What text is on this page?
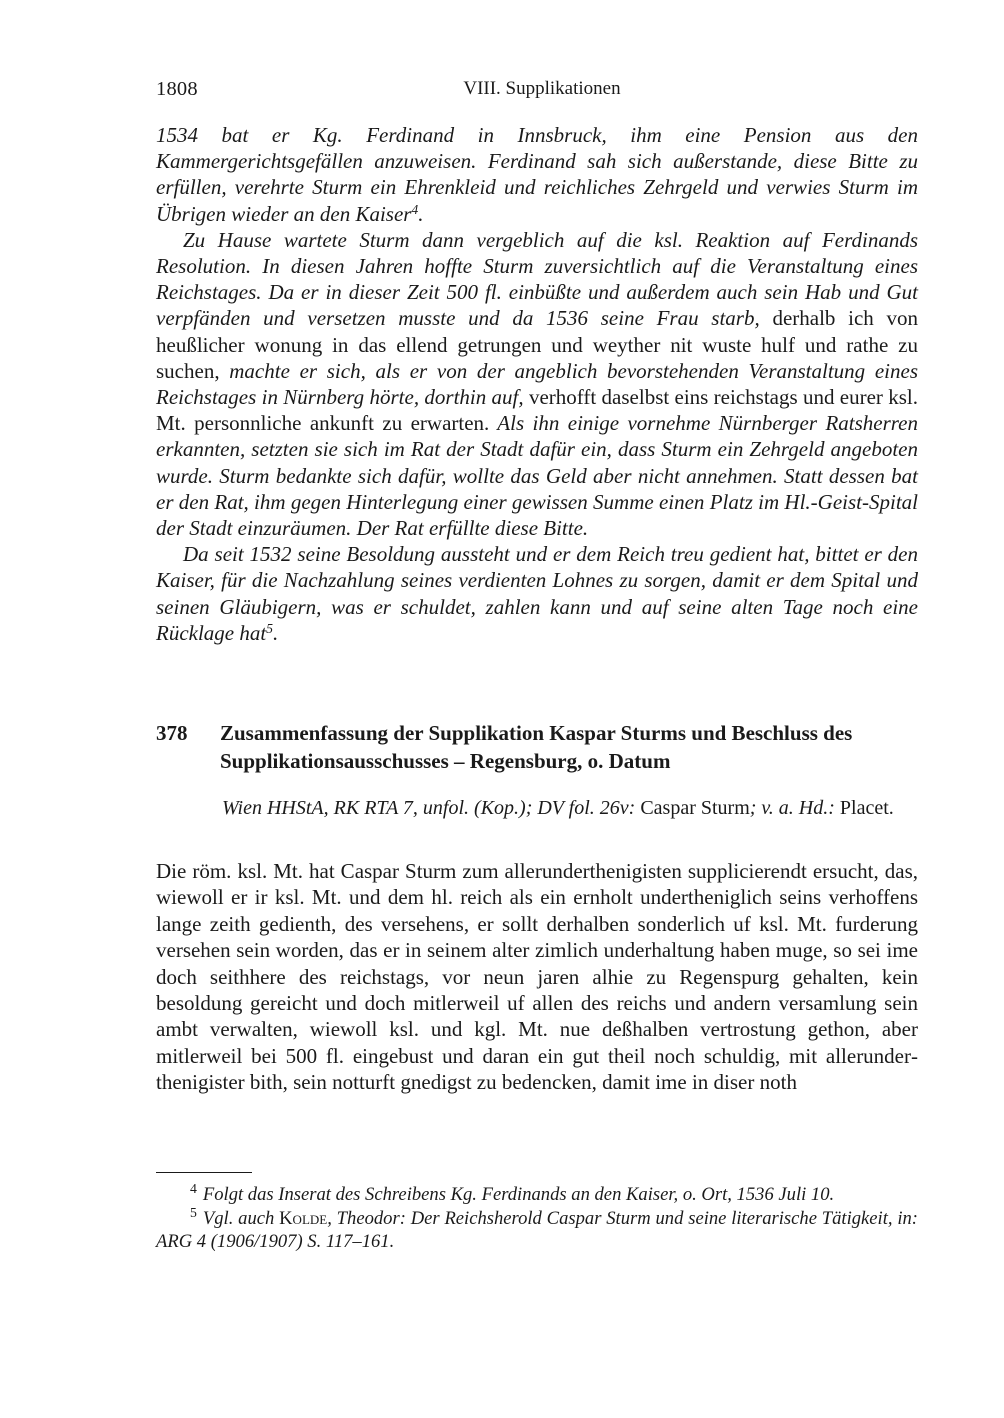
1808	VIII. Supplikationen

1534 bat er Kg. Ferdinand in Innsbruck, ihm eine Pension aus den Kammergerichtsgefällen anzuweisen. Ferdinand sah sich außerstande, diese Bitte zu erfüllen, verehrte Sturm ein Ehrenkleid und reichliches Zehrgeld und verwies Sturm im Übrigen wieder an den Kaiser$^4$.

Zu Hause wartete Sturm dann vergeblich auf die ksl. Reaktion auf Ferdinands Resolution. In diesen Jahren hoffte Sturm zuversichtlich auf die Veranstaltung eines Reichstages. Da er in dieser Zeit 500 fl. einbüßte und außerdem auch sein Hab und Gut verpfänden und versetzen musste und da 1536 seine Frau starb, derhalb ich von heußlicher wonung in das ellend getrungen und weyther nit wuste hulf und rathe zu suchen, machte er sich, als er von der angeblich bevorstehenden Veranstaltung eines Reichstages in Nürnberg hörte, dorthin auf, verhofft daselbst eins reichstags und eurer ksl. Mt. personnliche ankunft zu erwarten. Als ihn einige vornehme Nürnberger Ratsherren erkannten, setzten sie sich im Rat der Stadt dafür ein, dass Sturm ein Zehrgeld angeboten wurde. Sturm bedankte sich dafür, wollte das Geld aber nicht annehmen. Statt dessen bat er den Rat, ihm gegen Hinterlegung einer gewissen Summe einen Platz im Hl.-Geist-Spital der Stadt einzuräumen. Der Rat erfüllte diese Bitte.

Da seit 1532 seine Besoldung aussteht und er dem Reich treu gedient hat, bittet er den Kaiser, für die Nachzahlung seines verdienten Lohnes zu sorgen, damit er dem Spital und seinen Gläubigern, was er schuldet, zahlen kann und auf seine alten Tage noch eine Rücklage hat$^5$.

378 Zusammenfassung der Supplikation Kaspar Sturms und Beschluss des Supplikationsausschusses – Regensburg, o. Datum
Wien HHStA, RK RTA 7, unfol. (Kop.); DV fol. 26v: Caspar Sturm; v. a. Hd.: Placet.
Die röm. ksl. Mt. hat Caspar Sturm zum allerunderthenigisten supplicierendt ersucht, das, wiewoll er ir ksl. Mt. und dem hl. reich als ein ernholt undertheniglich seins verhoffens lange zeith gedienth, des versehens, er sollt derhalben sonderlich uf ksl. Mt. furderung versehen sein worden, das er in seinem alter zimlich underhaltung haben muge, so sei ime doch seithhere des reichstags, vor neun jaren alhie zu Regenspurg gehalten, kein besoldung gereicht und doch mitlerweil uf allen des reichs und andern versamlung sein ambt verwalten, wiewoll ksl. und kgl. Mt. nue deßhalben vertrostung gethon, aber mitlerweil bei 500 fl. eingebust und daran ein gut theil noch schuldig, mit allerunderthenigister bith, sein notturft gnedigst zu bedencken, damit ime in diser noth

$^4$ Folgt das Inserat des Schreibens Kg. Ferdinands an den Kaiser, o. Ort, 1536 Juli 10.

$^5$ Vgl. auch Kolde, Theodor: Der Reichsherold Caspar Sturm und seine literarische Tätigkeit, in: ARG 4 (1906/1907) S. 117–161.
